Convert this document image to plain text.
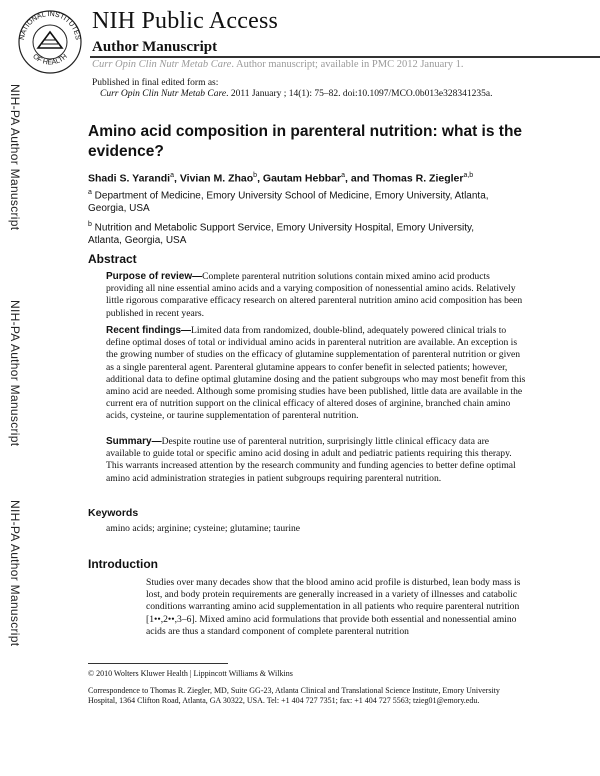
NATIONAL INSTITUTES
OF HEALTH
NIH Public Access
Author Manuscript
Curr Opin Clin Nutr Metab Care. Author manuscript; available in PMC 2012 January 1.
Published in final edited form as:
Curr Opin Clin Nutr Metab Care. 2011 January ; 14(1): 75–82. doi:10.1097/MCO.0b013e328341235a.
NIH-PA Author Manuscript
NIH-PA Author Manuscript
NIH-PA Author Manuscript
Amino acid composition in parenteral nutrition: what is the evidence?
Shadi S. Yarandi$^a$, Vivian M. Zhao$^b$, Gautam Hebbar$^a$, and Thomas R. Ziegler$^{a,b}$
$^a$ Department of Medicine, Emory University School of Medicine, Emory University, Atlanta, Georgia, USA
$^b$ Nutrition and Metabolic Support Service, Emory University Hospital, Emory University, Atlanta, Georgia, USA
Abstract
Purpose of review—Complete parenteral nutrition solutions contain mixed amino acid products providing all nine essential amino acids and a varying composition of nonessential amino acids. Relatively little rigorous comparative efficacy research on altered parenteral nutrition amino acid composition has been published in recent years.
Recent findings—Limited data from randomized, double-blind, adequately powered clinical trials to define optimal doses of total or individual amino acids in parenteral nutrition are available. An exception is the growing number of studies on the efficacy of glutamine supplementation of parenteral nutrition or given as a single parenteral agent. Parenteral glutamine appears to confer benefit in selected patients; however, additional data to define optimal glutamine dosing and the patient subgroups who may most benefit from this amino acid are needed. Although some promising studies have been published, little data are available in the current era of nutrition support on the clinical efficacy of altered doses of arginine, branched chain amino acids, cysteine, or taurine supplementation of parenteral nutrition.
Summary—Despite routine use of parenteral nutrition, surprisingly little clinical efficacy data are available to guide total or specific amino acid dosing in adult and pediatric patients requiring this therapy. This warrants increased attention by the research community and funding agencies to better define optimal amino acid administration strategies in patient subgroups requiring parenteral nutrition.
Keywords
amino acids; arginine; cysteine; glutamine; taurine
Introduction
Studies over many decades show that the blood amino acid profile is disturbed, lean body mass is lost, and body protein requirements are generally increased in a variety of illnesses and catabolic conditions warranting amino acid supplementation in all patients who require parenteral nutrition [1••,2••,3–6]. Mixed amino acid formulations that provide both essential and nonessential amino acids are thus a standard component of complete parenteral nutrition
© 2010 Wolters Kluwer Health | Lippincott Williams & Wilkins
Correspondence to Thomas R. Ziegler, MD, Suite GG-23, Atlanta Clinical and Translational Science Institute, Emory University Hospital, 1364 Clifton Road, Atlanta, GA 30322, USA. Tel: +1 404 727 7351; fax: +1 404 727 5563; tzieg01@emory.edu.
